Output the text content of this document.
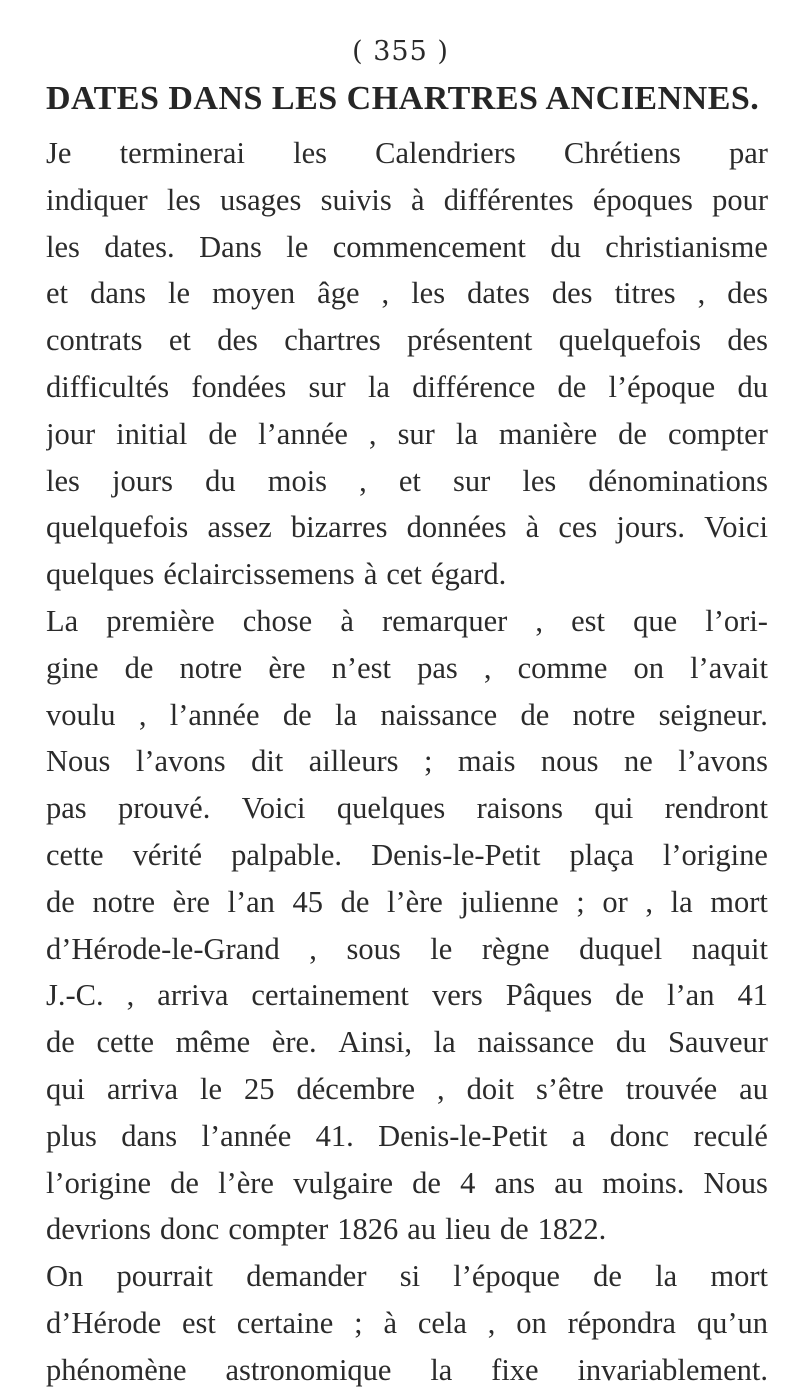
( 355 )
DATES DANS LES CHARTRES ANCIENNES.
Je terminerai les Calendriers Chrétiens par
indiquer les usages suivis à différentes époques pour
les dates. Dans le commencement du christianisme
et dans le moyen âge , les dates des titres , des
contrats et des chartres présentent quelquefois des
difficultés fondées sur la différence de l’époque du
jour initial de l’année , sur la manière de compter
les jours du mois , et sur les dénominations
quelquefois assez bizarres données à ces jours. Voici
quelques éclaircissemens à cet égard.
La première chose à remarquer , est que l’ori-
gine de notre ère n’est pas , comme on l’avait
voulu , l’année de la naissance de notre seigneur.
Nous l’avons dit ailleurs ; mais nous ne l’avons
pas prouvé. Voici quelques raisons qui rendront
cette vérité palpable. Denis-le-Petit plaça l’origine
de notre ère l’an 45 de l’ère julienne ; or , la mort
d’Hérode-le-Grand , sous le règne duquel naquit
J.-C. , arriva certainement vers Pâques de l’an 41
de cette même ère. Ainsi, la naissance du Sauveur
qui arriva le 25 décembre , doit s’être trouvée au
plus dans l’année 41. Denis-le-Petit a donc reculé
l’origine de l’ère vulgaire de 4 ans au moins. Nous
devrions donc compter 1826 au lieu de 1822.
On pourrait demander si l’époque de la mort
d’Hérode est certaine ; à cela , on répondra qu’un
phénomène astronomique la fixe invariablement.
